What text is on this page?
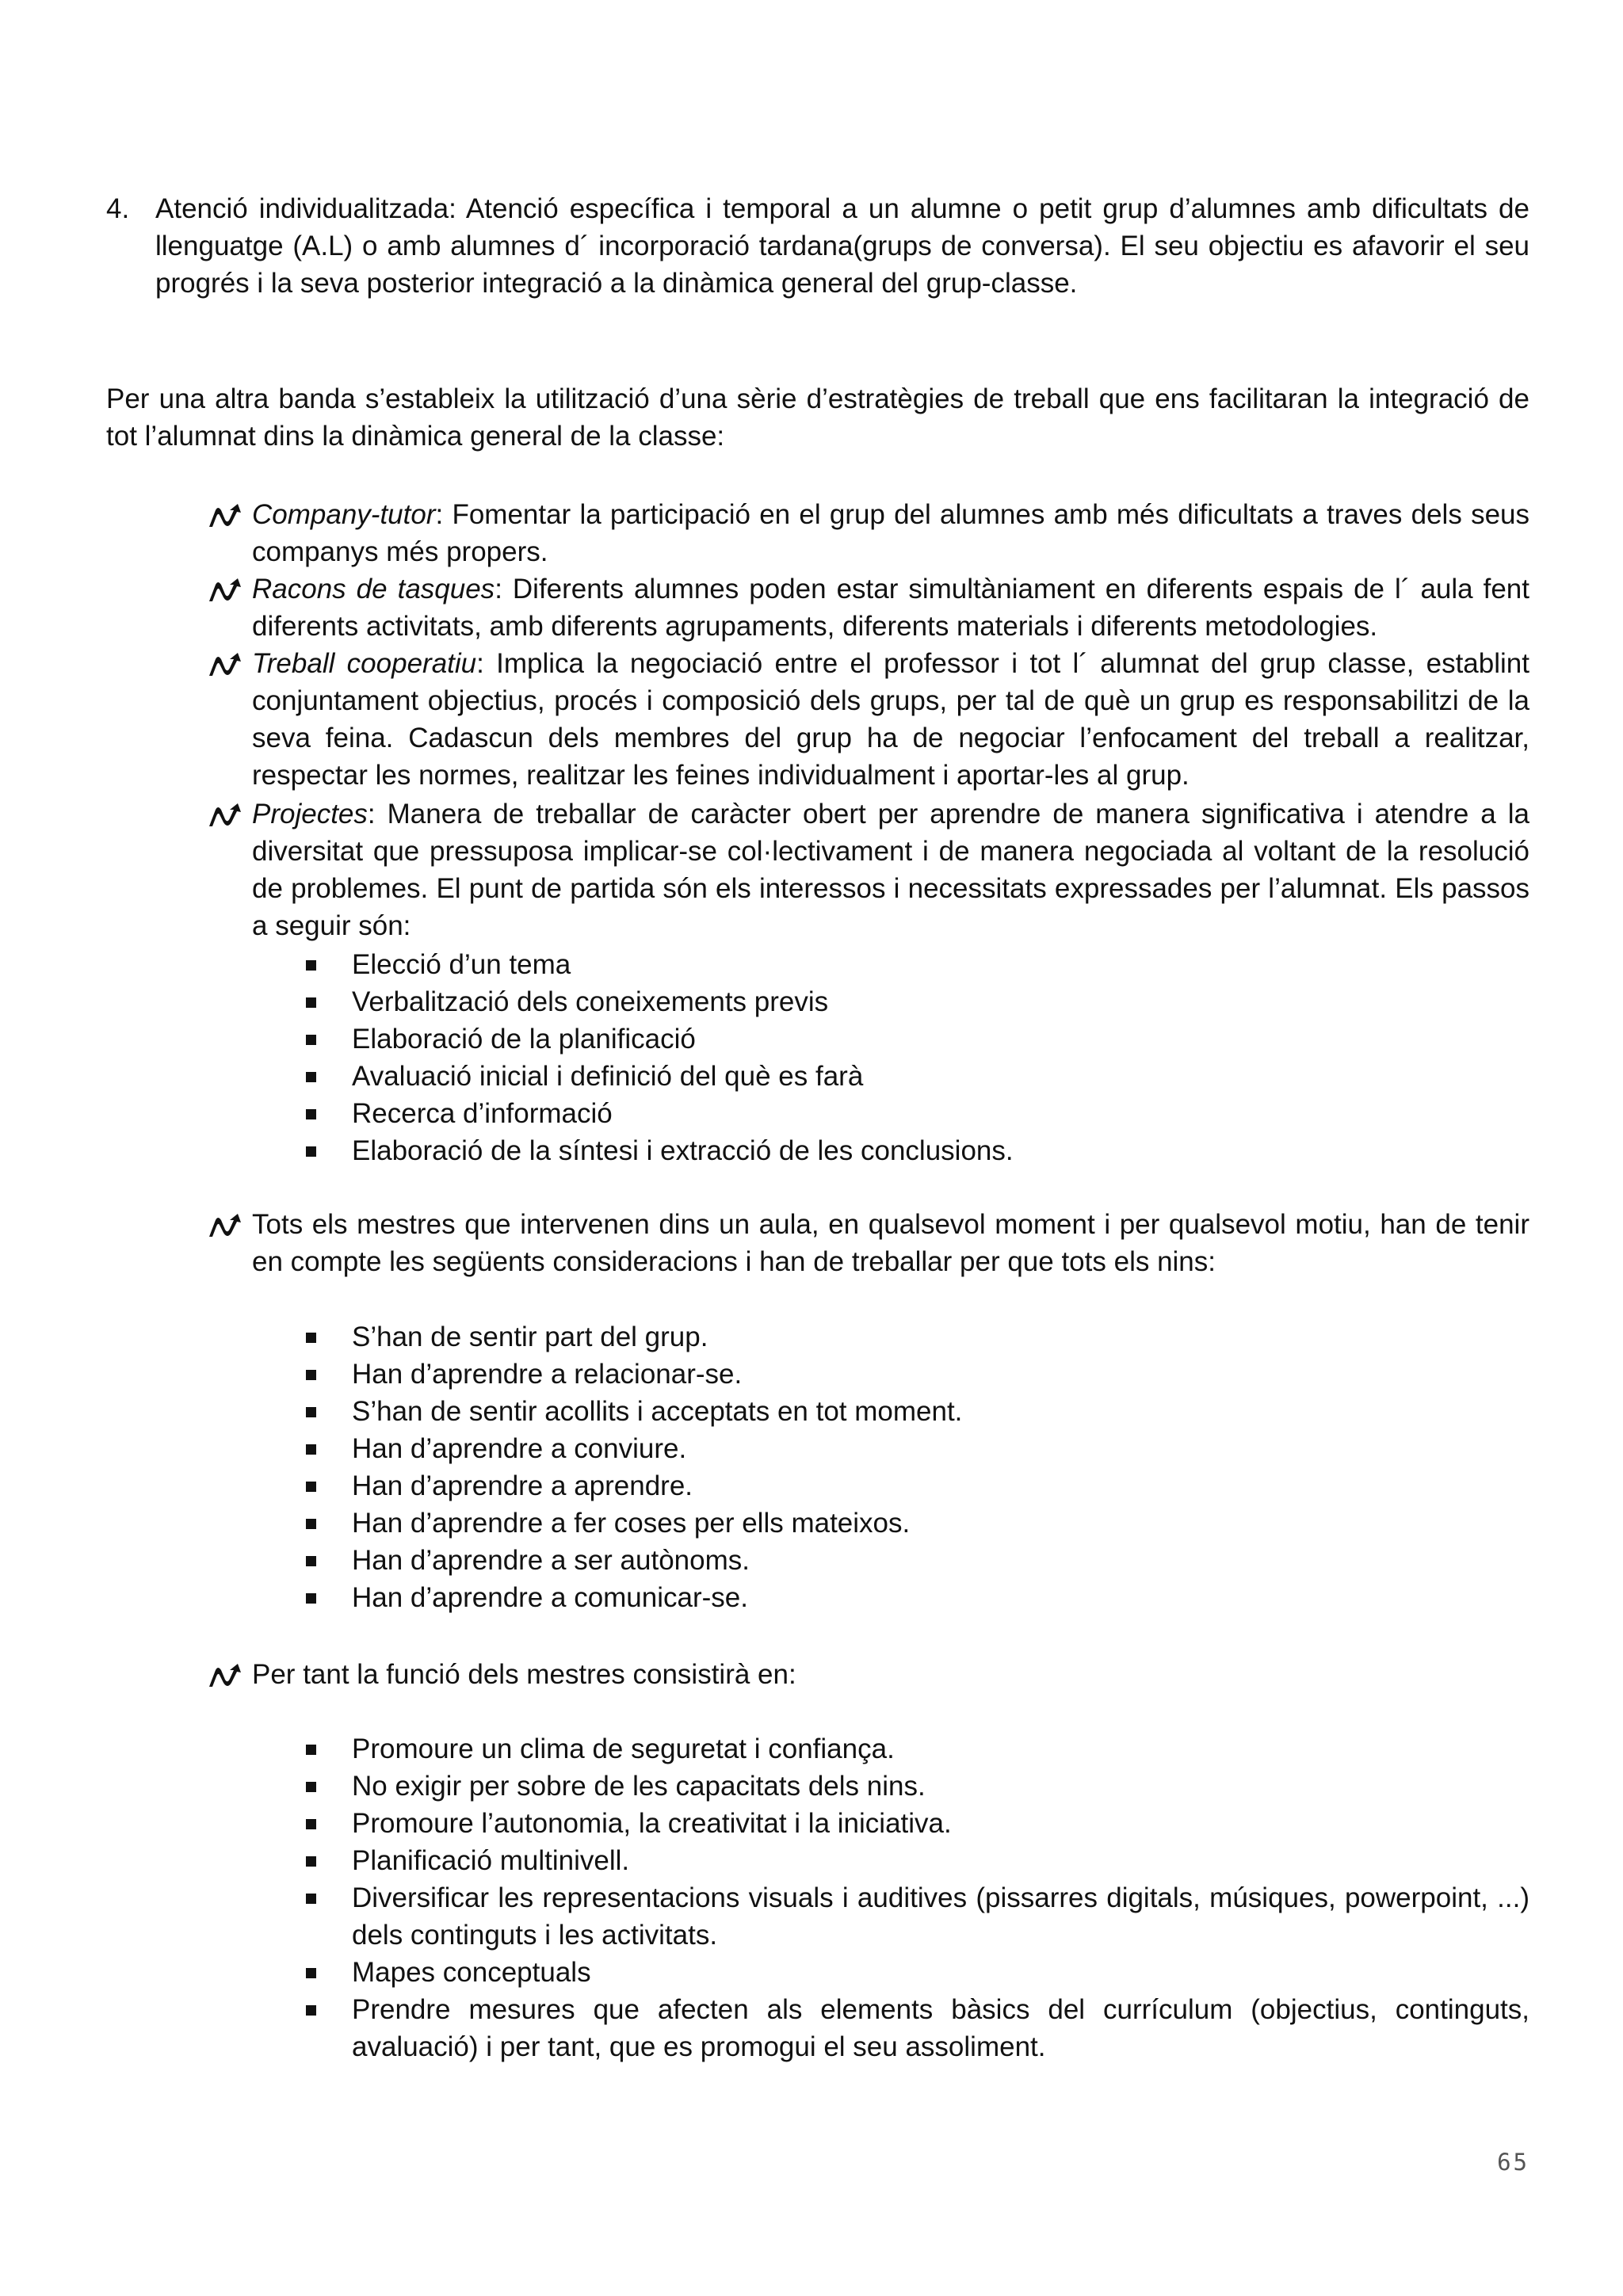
4. Atenció individualitzada: Atenció específica i temporal a un alumne o petit grup d’alumnes amb dificultats de llenguatge (A.L) o amb alumnes d´ incorporació tardana(grups de conversa). El seu objectiu es afavorir el seu progrés i la seva posterior integració a la dinàmica general del grup-classe.
Per una altra banda s’estableix la utilització d’una sèrie d’estratègies de treball que ens facilitaran la integració de tot l’alumnat dins la dinàmica general de la classe:
Company-tutor: Fomentar la participació en el grup del alumnes amb més dificultats a traves dels seus companys més propers.
Racons de tasques: Diferents alumnes poden estar simultàniament en diferents espais de l´ aula fent diferents activitats, amb diferents agrupaments, diferents materials i diferents metodologies.
Treball cooperatiu: Implica la negociació entre el professor i tot l´ alumnat del grup classe, establint conjuntament objectius, procés i composició dels grups, per tal de què un grup es responsabilitzi de la seva feina. Cadascun dels membres del grup ha de negociar l’enfocament del treball a realitzar, respectar les normes, realitzar les feines individualment i aportar-les al grup.
Projectes: Manera de treballar de caràcter obert per aprendre de manera significativa i atendre a la diversitat que pressuposa implicar-se col·lectivament i de manera negociada al voltant de la resolució de problemes. El punt de partida són els interessos i necessitats expressades per l’alumnat. Els passos a seguir són:
Elecció d’un tema
Verbalització dels coneixements previs
Elaboració de la planificació
Avaluació inicial i definició del què es farà
Recerca d’informació
Elaboració de la síntesi i extracció de les conclusions.
Tots els mestres que intervenen dins un aula, en qualsevol moment i per qualsevol motiu, han de tenir en compte les següents consideracions i han de treballar per que tots els nins:
S’han de sentir part del grup.
Han d’aprendre a relacionar-se.
S’han de sentir acollits i acceptats en tot moment.
Han d’aprendre a conviure.
Han d’aprendre a aprendre.
Han d’aprendre a fer coses per ells mateixos.
Han d’aprendre a ser autònoms.
Han d’aprendre a comunicar-se.
Per tant la funció dels mestres consistirà en:
Promoure un clima de seguretat i confiança.
No exigir per sobre de les capacitats dels nins.
Promoure l’autonomia, la creativitat i la iniciativa.
Planificació multinivell.
Diversificar les representacions visuals i auditives (pissarres digitals, músiques, powerpoint, ...) dels continguts i les activitats.
Mapes conceptuals
Prendre mesures que afecten als elements bàsics del currículum (objectius, continguts, avaluació) i per tant, que es promogui el seu assoliment.
65
